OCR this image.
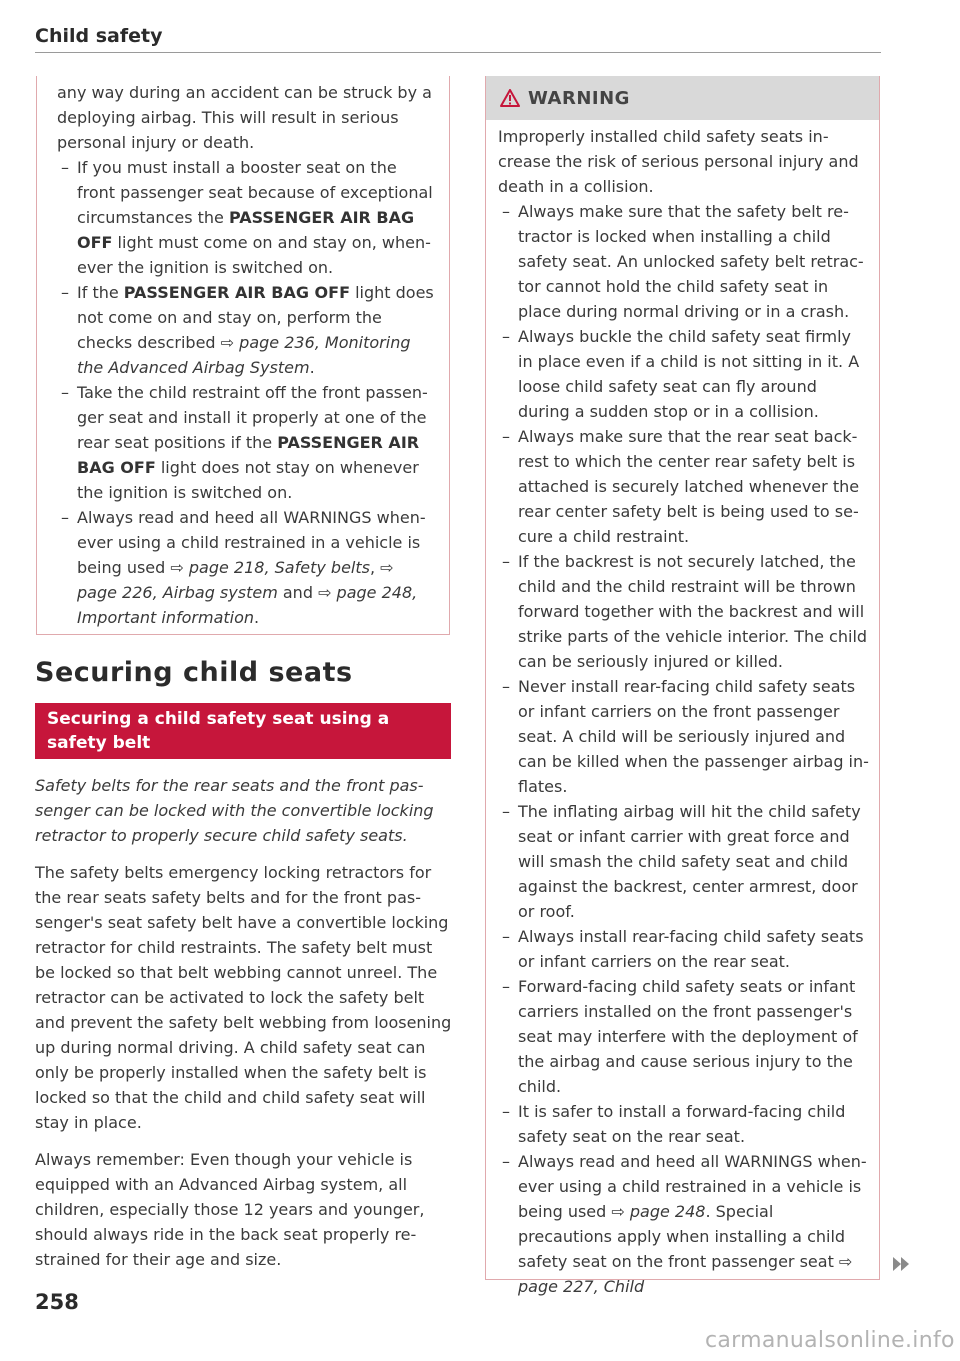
Child safety

any way during an accident can be struck by a deploying airbag. This will result in serious personal injury or death.

– If you must install a booster seat on the front passenger seat because of exceptional circumstances the PASSENGER AIR BAG OFF light must come on and stay on, whenever the ignition is switched on.
– If the PASSENGER AIR BAG OFF light does not come on and stay on, perform the checks described ⇨ page 236, Monitoring the Advanced Airbag System.
– Take the child restraint off the front passenger seat and install it properly at one of the rear seat positions if the PASSENGER AIR BAG OFF light does not stay on whenever the ignition is switched on.
– Always read and heed all WARNINGS whenever using a child restrained in a vehicle is being used ⇨ page 218, Safety belts, ⇨ page 226, Airbag system and ⇨ page 248, Important information.
Securing child seats
Securing a child safety seat using a safety belt

Safety belts for the rear seats and the front passenger can be locked with the convertible locking retractor to properly secure child safety seats.

The safety belts emergency locking retractors for the rear seats safety belts and for the front passenger's seat safety belt have a convertible locking retractor for child restraints. The safety belt must be locked so that belt webbing cannot unreel. The retractor can be activated to lock the safety belt and prevent the safety belt webbing from loosening up during normal driving. A child safety seat can only be properly installed when the safety belt is locked so that the child and child safety seat will stay in place.

Always remember: Even though your vehicle is equipped with an Advanced Airbag system, all children, especially those 12 years and younger, should always ride in the back seat properly restrained for their age and size.

258
WARNING

Improperly installed child safety seats increase the risk of serious personal injury and death in a collision.

– Always make sure that the safety belt retractor is locked when installing a child safety seat. An unlocked safety belt retractor cannot hold the child safety seat in place during normal driving or in a crash.
– Always buckle the child safety seat firmly in place even if a child is not sitting in it. A loose child safety seat can fly around during a sudden stop or in a collision.
– Always make sure that the rear seat backrest to which the center rear safety belt is attached is securely latched whenever the rear center safety belt is being used to secure a child restraint.
– If the backrest is not securely latched, the child and the child restraint will be thrown forward together with the backrest and will strike parts of the vehicle interior. The child can be seriously injured or killed.
– Never install rear-facing child safety seats or infant carriers on the front passenger seat. A child will be seriously injured and can be killed when the passenger airbag inflates.
– The inflating airbag will hit the child safety seat or infant carrier with great force and will smash the child safety seat and child against the backrest, center armrest, door or roof.
– Always install rear-facing child safety seats or infant carriers on the rear seat.
– Forward-facing child safety seats or infant carriers installed on the front passenger's seat may interfere with the deployment of the airbag and cause serious injury to the child.
– It is safer to install a forward-facing child safety seat on the rear seat.
– Always read and heed all WARNINGS whenever using a child restrained in a vehicle is being used ⇨ page 248. Special precautions apply when installing a child safety seat on the front passenger seat ⇨ page 227, Child
carmanualsonline.info
